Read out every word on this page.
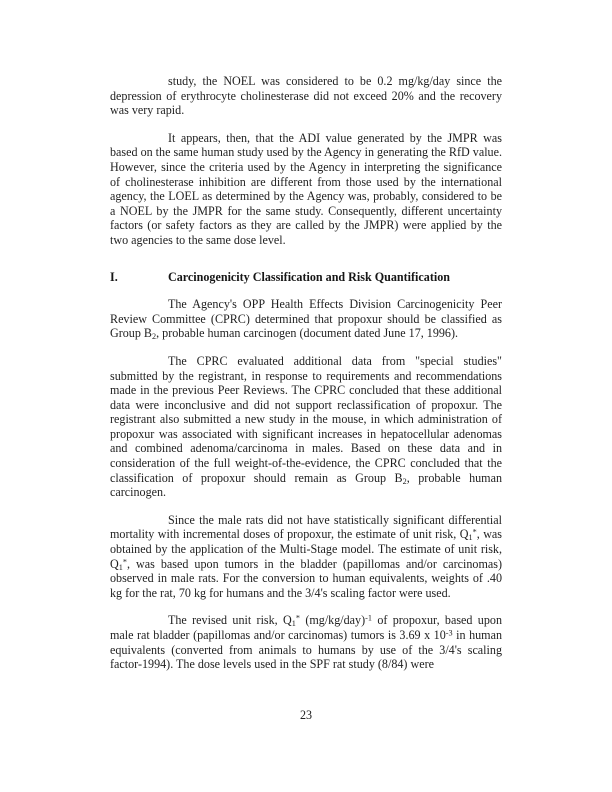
study, the NOEL was considered to be 0.2 mg/kg/day since the depression of erythrocyte cholinesterase did not exceed 20% and the recovery was very rapid.

It appears, then, that the ADI value generated by the JMPR was based on the same human study used by the Agency in generating the RfD value. However, since the criteria used by the Agency in interpreting the significance of cholinesterase inhibition are different from those used by the international agency, the LOEL as determined by the Agency was, probably, considered to be a NOEL by the JMPR for the same study. Consequently, different uncertainty factors (or safety factors as they are called by the JMPR) were applied by the two agencies to the same dose level.

I.	Carcinogenicity Classification and Risk Quantification

The Agency's OPP Health Effects Division Carcinogenicity Peer Review Committee (CPRC) determined that propoxur should be classified as Group $B_2$, probable human carcinogen (document dated June 17, 1996).

The CPRC evaluated additional data from "special studies" submitted by the registrant, in response to requirements and recommendations made in the previous Peer Reviews. The CPRC concluded that these additional data were inconclusive and did not support reclassification of propoxur. The registrant also submitted a new study in the mouse, in which administration of propoxur was associated with significant increases in hepatocellular adenomas and combined adenoma/carcinoma in males. Based on these data and in consideration of the full weight-of-the-evidence, the CPRC concluded that the classification of propoxur should remain as Group $B_2$, probable human carcinogen.

Since the male rats did not have statistically significant differential mortality with incremental doses of propoxur, the estimate of unit risk, $Q_1^*$, was obtained by the application of the Multi-Stage model. The estimate of unit risk, $Q_1^*$, was based upon tumors in the bladder (papillomas and/or carcinomas) observed in male rats. For the conversion to human equivalents, weights of .40 kg for the rat, 70 kg for humans and the 3/4's scaling factor were used.

The revised unit risk, $Q_1^*$ $(mg/kg/day)^{-1}$ of propoxur, based upon male rat bladder (papillomas and/or carcinomas) tumors is 3.69 x $10^{-3}$ in human equivalents (converted from animals to humans by use of the 3/4's scaling factor-1994). The dose levels used in the SPF rat study (8/84) were

23
